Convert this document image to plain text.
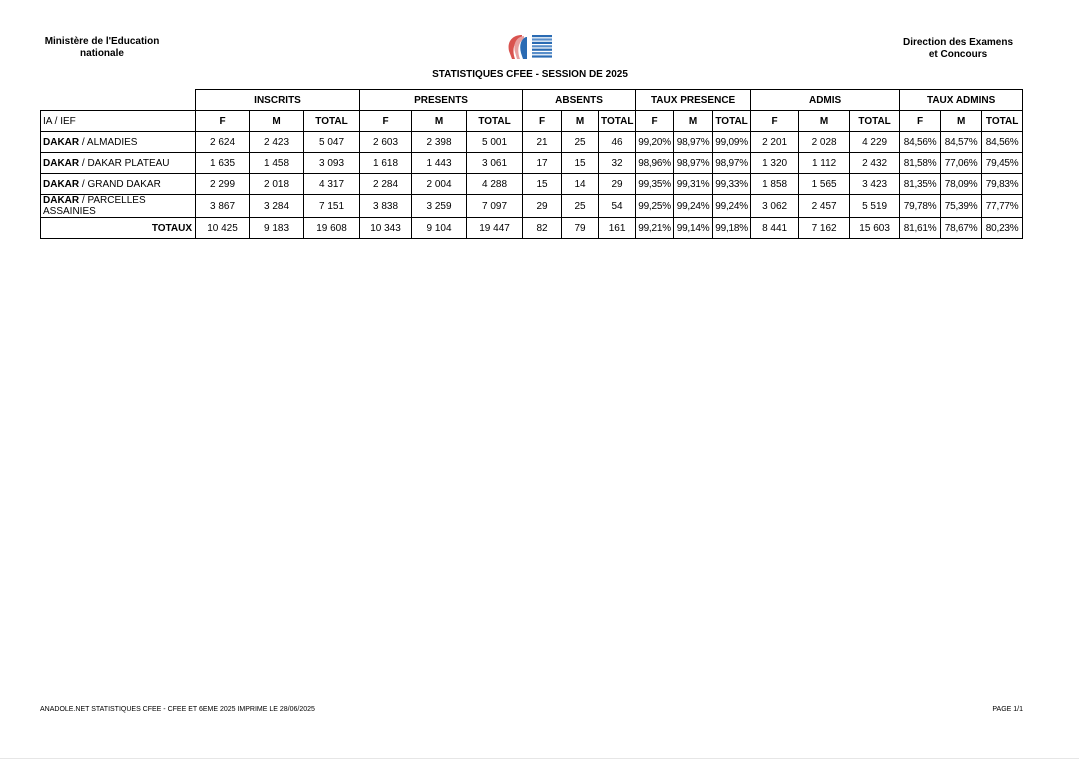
Ministère de l'Education
nationale
Direction des Examens
et Concours
STATISTIQUES CFEE - SESSION DE 2025
	INSCRITS			PRESENTS			ABSENTS			TAUX PRESENCE			ADMIS			TAUX ADMINS		
IA / IEF	F	M	TOTAL	F	M	TOTAL	F	M	TOTAL	F	M	TOTAL	F	M	TOTAL	F	M	TOTAL
DAKAR / ALMADIES	2 624	2 423	5 047	2 603	2 398	5 001	21	25	46	99,20%	98,97%	99,09%	2 201	2 028	4 229	84,56%	84,57%	84,56%
DAKAR / DAKAR PLATEAU	1 635	1 458	3 093	1 618	1 443	3 061	17	15	32	98,96%	98,97%	98,97%	1 320	1 112	2 432	81,58%	77,06%	79,45%
DAKAR / GRAND DAKAR	2 299	2 018	4 317	2 284	2 004	4 288	15	14	29	99,35%	99,31%	99,33%	1 858	1 565	3 423	81,35%	78,09%	79,83%
DAKAR / PARCELLES ASSAINIES	3 867	3 284	7 151	3 838	3 259	7 097	29	25	54	99,25%	99,24%	99,24%	3 062	2 457	5 519	79,78%	75,39%	77,77%
TOTAUX	10 425	9 183	19 608	10 343	9 104	19 447	82	79	161	99,21%	99,14%	99,18%	8 441	7 162	15 603	81,61%	78,67%	80,23%
ANADOLE.NET STATISTIQUES CFEE - CFEE ET 6EME 2025 IMPRIME LE 28/06/2025	PAGE 1/1
